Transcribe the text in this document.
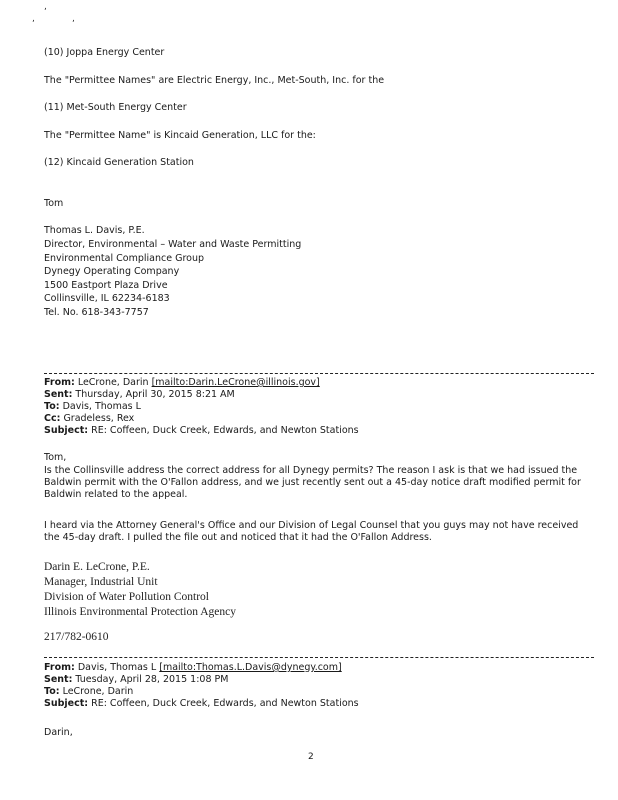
,
,	,
(10) Joppa Energy Center
The "Permittee Names" are Electric Energy, Inc., Met-South, Inc. for the
(11) Met-South Energy Center
The "Permittee Name" is Kincaid Generation, LLC for the:
(12) Kincaid Generation Station
Tom
Thomas L. Davis, P.E.
Director, Environmental – Water and Waste Permitting
Environmental Compliance Group
Dynegy Operating Company
1500 Eastport Plaza Drive
Collinsville, IL 62234-6183
Tel. No. 618-343-7757
From: LeCrone, Darin [mailto:Darin.LeCrone@illinois.gov]
Sent: Thursday, April 30, 2015 8:21 AM
To: Davis, Thomas L
Cc: Gradeless, Rex
Subject: RE: Coffeen, Duck Creek, Edwards, and Newton Stations
Tom,
Is the Collinsville address the correct address for all Dynegy permits? The reason I ask is that we had issued the Baldwin permit with the O'Fallon address, and we just recently sent out a 45-day notice draft modified permit for Baldwin related to the appeal.
I heard via the Attorney General's Office and our Division of Legal Counsel that you guys may not have received the 45-day draft. I pulled the file out and noticed that it had the O'Fallon Address.
Darin E. LeCrone, P.E.
Manager, Industrial Unit
Division of Water Pollution Control
Illinois Environmental Protection Agency
217/782-0610
From: Davis, Thomas L [mailto:Thomas.L.Davis@dynegy.com]
Sent: Tuesday, April 28, 2015 1:08 PM
To: LeCrone, Darin
Subject: RE: Coffeen, Duck Creek, Edwards, and Newton Stations
Darin,
2
